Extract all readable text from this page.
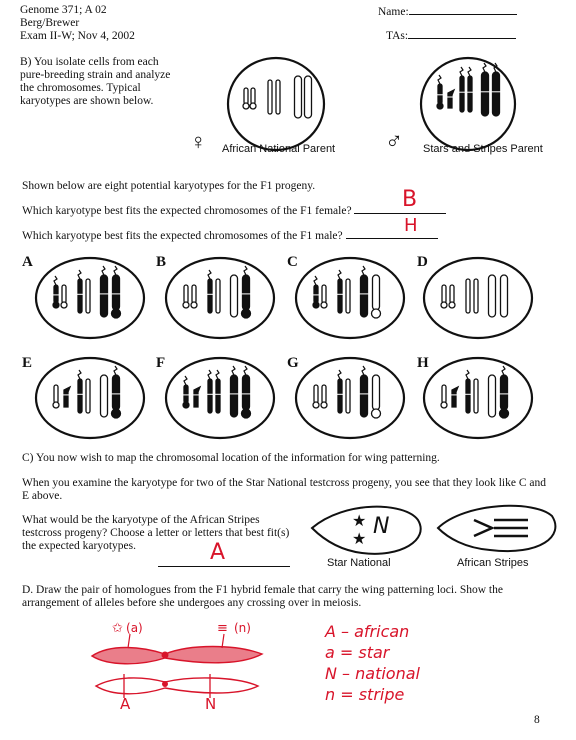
Genome 371; A 02
Berg/Brewer
Exam II-W; Nov 4, 2002
Name:
TAs:
B) You isolate cells from each pure-breeding strain and analyze the chromosomes. Typical karyotypes are shown below.
♀ African National Parent ♂ Stars and Stripes Parent
Shown below are eight potential karyotypes for the F1 progeny.
Which karyotype best fits the expected chromosomes of the F1 female?
Which karyotype best fits the expected chromosomes of the F1 male?
B
H
A	B	C	D
E	F	G	H
C) You now wish to map the chromosomal location of the information for wing patterning.
When you examine the karyotype for two of the Star National testcross progeny, you see that they look like C and E above.
What would be the karyotype of the African Stripes testcross progeny? Choose a letter or letters that best fit(s) the expected karyotypes.	A
★
★
Star National	African Stripes
N
D. Draw the pair of homologues from the F1 hybrid female that carry the wing patterning loci. Show the arrangement of alleles before she undergoes any crossing over in meiosis.
✩	≡
(a)	(n)
A	N
A – african
a = star
N – national
n = stripe
8
